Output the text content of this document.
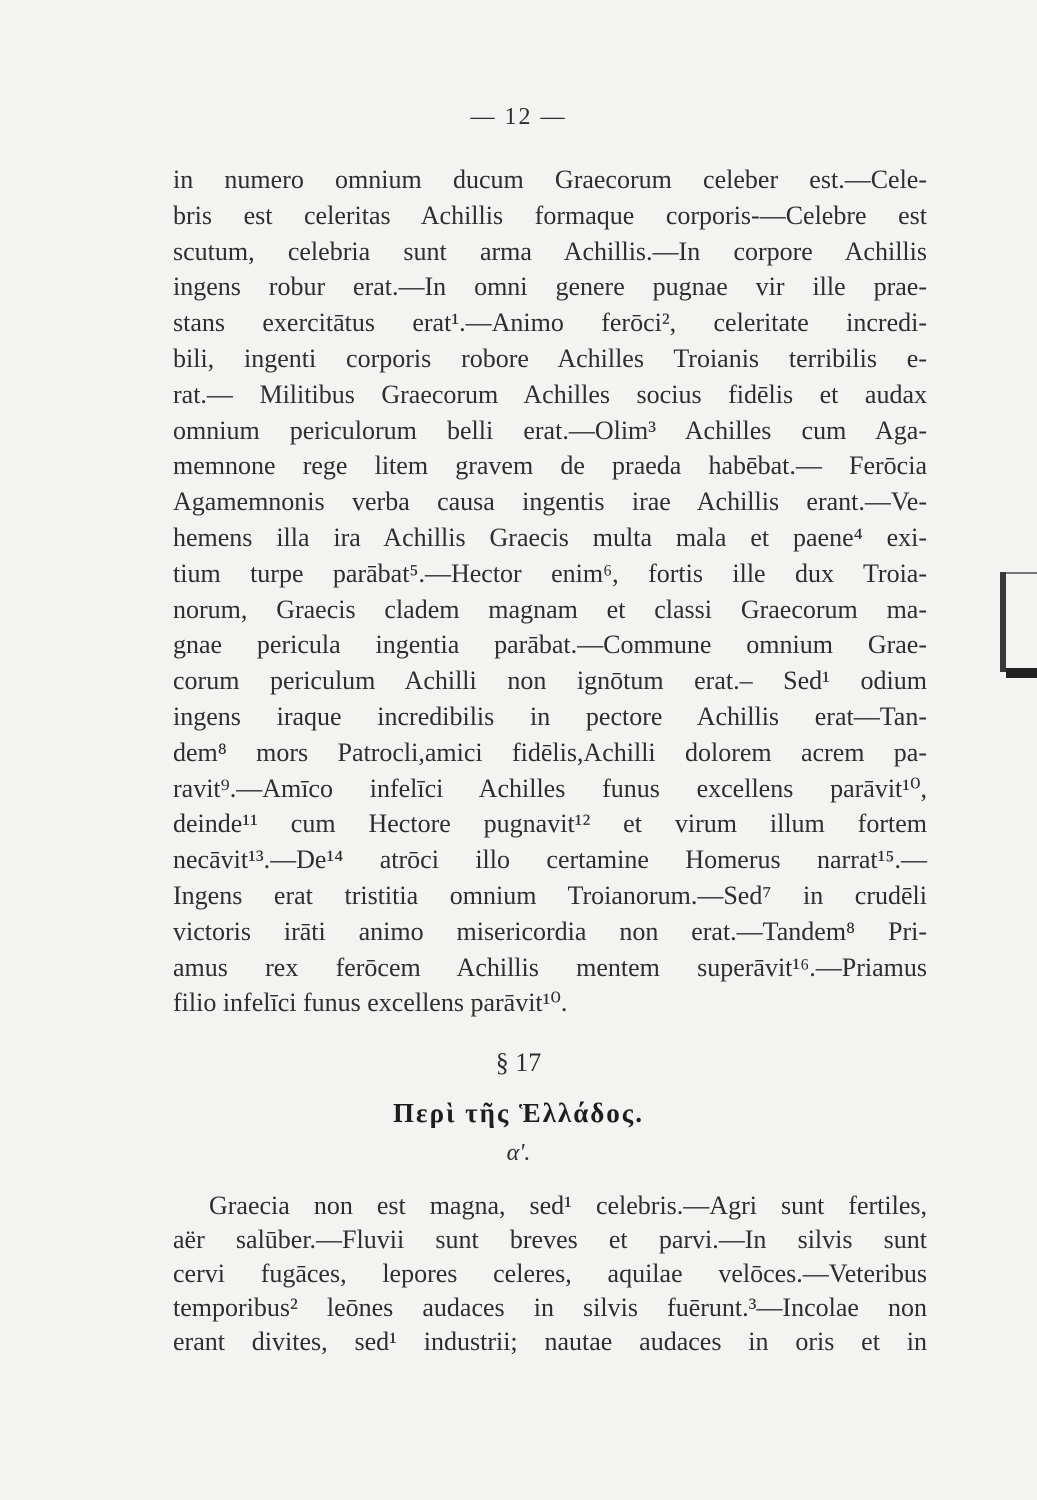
— 12 —
in numero omnium ducum Graecorum celeber est.—Cele-
bris est celeritas Achillis formaque corporis-—Celebre est
scutum, celebria sunt arma Achillis.—In corpore Achillis
ingens robur erat.—In omni genere pugnae vir ille prae-
stans exercitātus erat¹.—Animo ferōci², celeritate incredi-
bili, ingenti corporis robore Achilles Troianis terribilis e-
rat.— Militibus Graecorum Achilles socius fidēlis et audax
omnium periculorum belli erat.—Olim³ Achilles cum Aga-
memnone rege litem gravem de praeda habēbat.— Ferōcia
Agamemnonis verba causa ingentis irae Achillis erant.—Ve-
hemens illa ira Achillis Graecis multa mala et paene⁴ exi-
tium turpe parābat⁵.—Hector enim⁶, fortis ille dux Troia-
norum, Graecis cladem magnam et classi Graecorum ma-
gnae pericula ingentia parābat.—Commune omnium Grae-
corum periculum Achilli non ignōtum erat.– Sed¹ odium
ingens iraque incredibilis in pectore Achillis erat—Tan-
dem⁸ mors Patrocli,amici fidēlis,Achilli dolorem acrem pa-
ravit⁹.—Amīco infelīci Achilles funus excellens parāvit¹⁰,
deinde¹¹ cum Hectore pugnavit¹² et virum illum fortem
necāvit¹³.—De¹⁴ atrōci illo certamine Homerus narrat¹⁵.—
Ingens erat tristitia omnium Troianorum.—Sed⁷ in crudēli
victoris irāti animo misericordia non erat.—Tandem⁸ Pri-
amus rex ferōcem Achillis mentem superāvit¹⁶.—Priamus
filio infelīci funus excellens parāvit¹⁰.
§ 17
Περὶ τῆς Ἑλλάδος.
α'.
Graecia non est magna, sed¹ celebris.—Agri sunt fertiles,
aër salūber.—Fluvii sunt breves et parvi.—In silvis sunt
cervi fugāces, lepores celeres, aquilae velōces.—Veteribus
temporibus² leōnes audaces in silvis fuērunt.³—Incolae non
erant divites, sed¹ industrii; nautae audaces in oris et in
